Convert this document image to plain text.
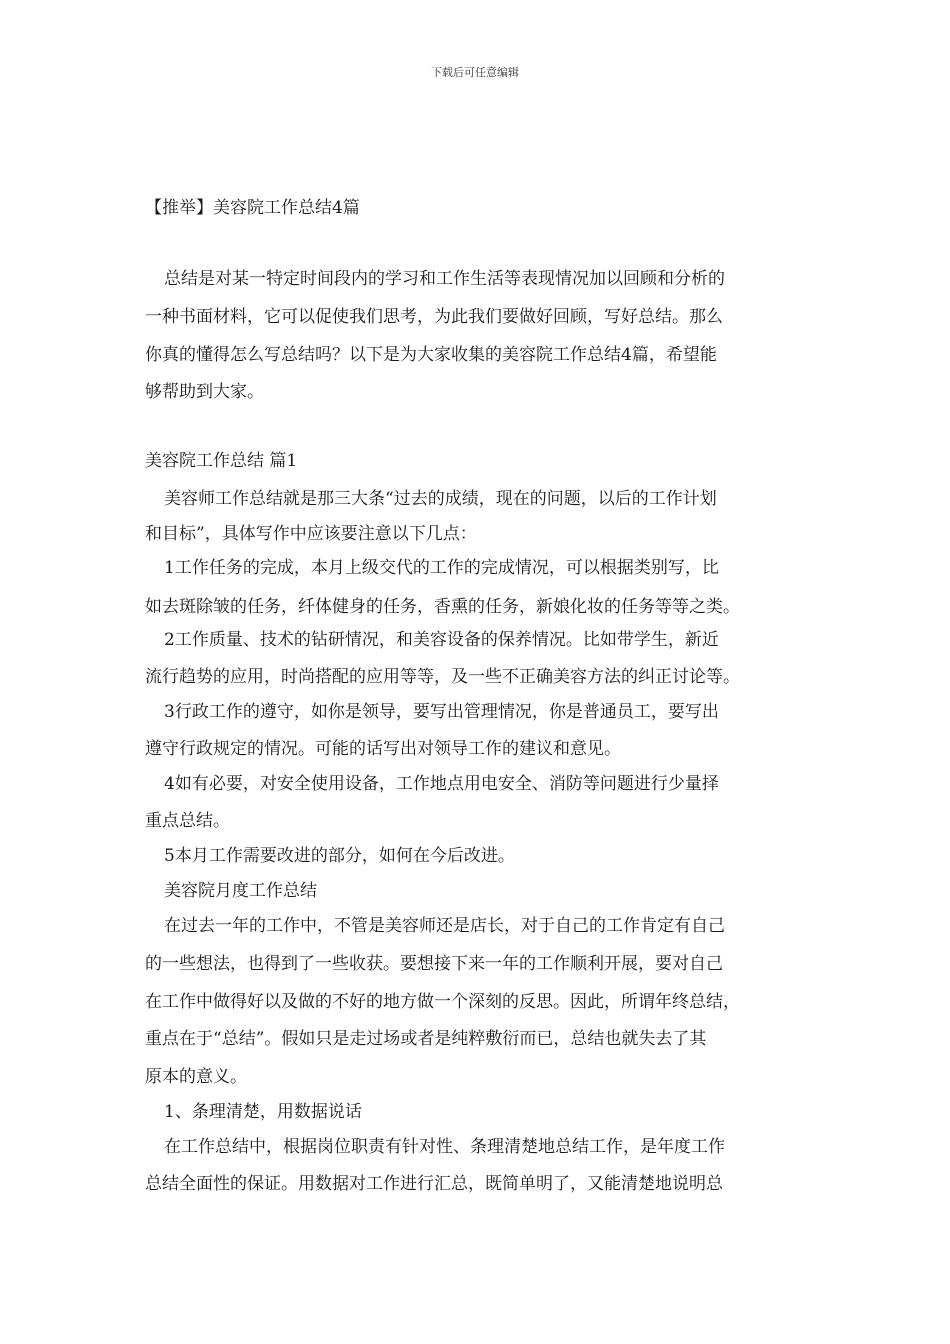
下载后可任意编辑
【推举】美容院工作总结4篇
总结是对某一特定时间段内的学习和工作生活等表现情况加以回顾和分析的
一种书面材料，它可以促使我们思考，为此我们要做好回顾，写好总结。那么
你真的懂得怎么写总结吗？以下是为大家收集的美容院工作总结4篇，希望能
够帮助到大家。
美容院工作总结 篇1
美容师工作总结就是那三大条“过去的成绩，现在的问题，以后的工作计划
和目标”，具体写作中应该要注意以下几点：
1工作任务的完成，本月上级交代的工作的完成情况，可以根据类别写，比
如去斑除皱的任务，纤体健身的任务，香熏的任务，新娘化妆的任务等等之类。
2工作质量、技术的钻研情况，和美容设备的保养情况。比如带学生，新近
流行趋势的应用，时尚搭配的应用等等，及一些不正确美容方法的纠正讨论等。
3行政工作的遵守，如你是领导，要写出管理情况，你是普通员工，要写出
遵守行政规定的情况。可能的话写出对领导工作的建议和意见。
4如有必要，对安全使用设备，工作地点用电安全、消防等问题进行少量择
重点总结。
5本月工作需要改进的部分，如何在今后改进。
美容院月度工作总结
在过去一年的工作中，不管是美容师还是店长，对于自己的工作肯定有自己
的一些想法，也得到了一些收获。要想接下来一年的工作顺利开展，要对自己
在工作中做得好以及做的不好的地方做一个深刻的反思。因此，所谓年终总结，
重点在于“总结”。假如只是走过场或者是纯粹敷衍而已，总结也就失去了其
原本的意义。
1、条理清楚，用数据说话
在工作总结中，根据岗位职责有针对性、条理清楚地总结工作，是年度工作
总结全面性的保证。用数据对工作进行汇总，既简单明了，又能清楚地说明总
